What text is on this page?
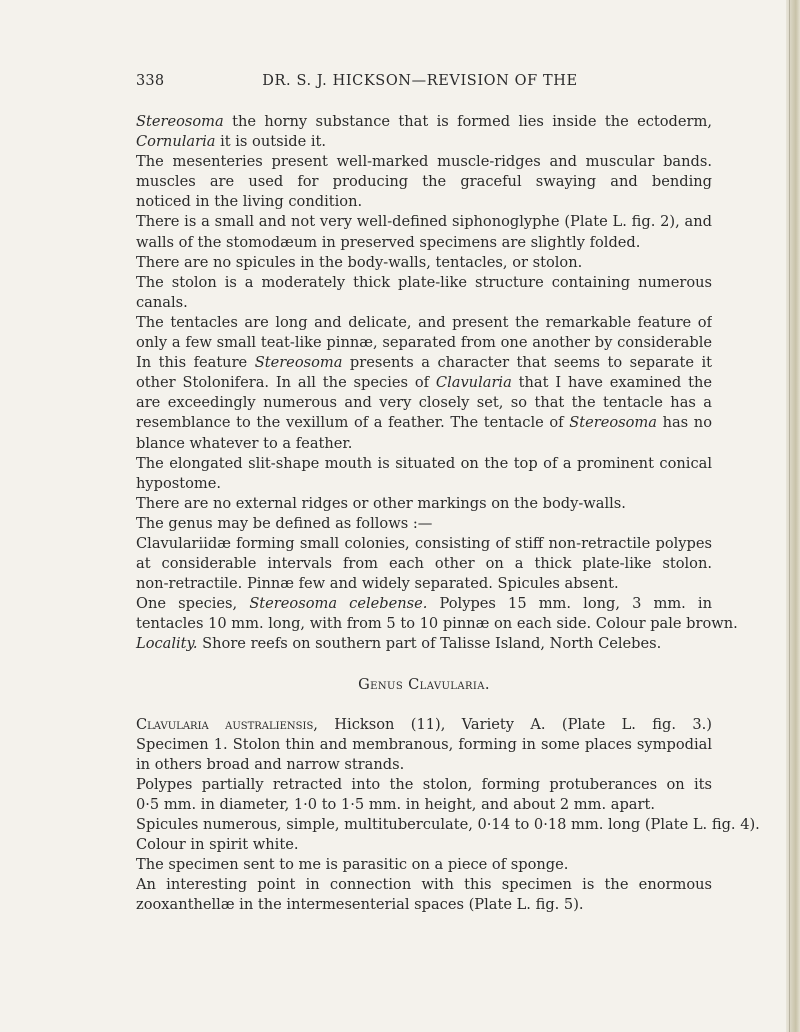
338	DR. S. J. HICKSON—REVISION OF THE
Stereosoma the horny substance that is formed lies inside the ectoderm,
Cornularia it is outside it.
The mesenteries present well-marked muscle-ridges and muscular bands.
muscles are used for producing the graceful swaying and bending
noticed in the living condition.
There is a small and not very well-defined siphonoglyphe (Plate L. fig. 2), and
walls of the stomodæum in preserved specimens are slightly folded.
There are no spicules in the body-walls, tentacles, or stolon.
The stolon is a moderately thick plate-like structure containing numerous
canals.
The tentacles are long and delicate, and present the remarkable feature of
only a few small teat-like pinnæ, separated from one another by considerable
In this feature Stereosoma presents a character that seems to separate it
other Stolonifera. In all the species of Clavularia that I have examined the
are exceedingly numerous and very closely set, so that the tentacle has a
resemblance to the vexillum of a feather. The tentacle of Stereosoma has no
blance whatever to a feather.
The elongated slit-shape mouth is situated on the top of a prominent conical
hypostome.
There are no external ridges or other markings on the body-walls.
The genus may be defined as follows :—
Clavulariidæ forming small colonies, consisting of stiff non-retractile polypes
at considerable intervals from each other on a thick plate-like stolon.
non-retractile. Pinnæ few and widely separated. Spicules absent.
One species, Stereosoma celebense. Polypes 15 mm. long, 3 mm. in
tentacles 10 mm. long, with from 5 to 10 pinnæ on each side. Colour pale brown.
Locality. Shore reefs on southern part of Talisse Island, North Celebes.
Genus Clavularia.
Clavularia australiensis, Hickson (11), Variety A. (Plate L. fig. 3.)
Specimen 1. Stolon thin and membranous, forming in some places sympodial
in others broad and narrow strands.
Polypes partially retracted into the stolon, forming protuberances on its
0·5 mm. in diameter, 1·0 to 1·5 mm. in height, and about 2 mm. apart.
Spicules numerous, simple, multituberculate, 0·14 to 0·18 mm. long (Plate L. fig. 4).
Colour in spirit white.
The specimen sent to me is parasitic on a piece of sponge.
An interesting point in connection with this specimen is the enormous
zooxanthellæ in the intermesenterial spaces (Plate L. fig. 5).
